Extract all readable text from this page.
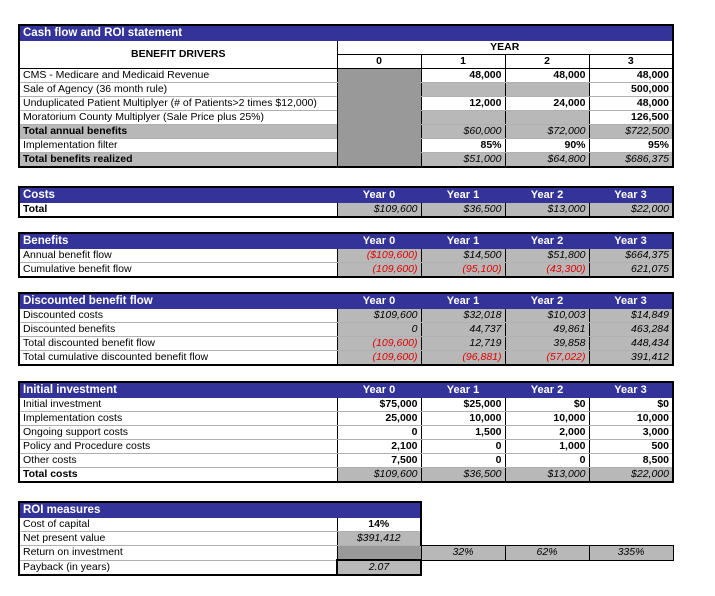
Cash flow and ROI statement				
BENEFIT DRIVERS	YEAR			
	0	1	2	3
CMS - Medicare and Medicaid Revenue		48,000	48,000	48,000
Sale of Agency (36 month rule)				500,000
Unduplicated Patient Multiplyer (# of Patients>2 times $12,000)		12,000	24,000	48,000
Moratorium County Multiplyer (Sale Price plus 25%)				126,500
Total annual benefits		$60,000	$72,000	$722,500
Implementation filter		85%	90%	95%
Total benefits realized		$51,000	$64,800	$686,375
Costs	Year 0	Year 1	Year 2	Year 3
Total	$109,600	$36,500	$13,000	$22,000
Benefits	Year 0	Year 1	Year 2	Year 3
Annual benefit flow	($109,600)	$14,500	$51,800	$664,375
Cumulative benefit flow	(109,600)	(95,100)	(43,300)	621,075
Discounted benefit flow	Year 0	Year 1	Year 2	Year 3
Discounted costs	$109,600	$32,018	$10,003	$14,849
Discounted benefits	0	44,737	49,861	463,284
Total discounted benefit flow	(109,600)	12,719	39,858	448,434
Total cumulative discounted benefit flow	(109,600)	(96,881)	(57,022)	391,412
Initial investment	Year 0	Year 1	Year 2	Year 3
Initial investment	$75,000	$25,000	$0	$0
Implementation costs	25,000	10,000	10,000	10,000
Ongoing support costs	0	1,500	2,000	3,000
Policy and Procedure costs	2,100	0	1,000	500
Other costs	7,500	0	0	8,500
Total costs	$109,600	$36,500	$13,000	$22,000
ROI measures				
Cost of capital	14%			
Net present value	$391,412			
Return on investment		32%	62%	335%
Payback (in years)	2.07			
